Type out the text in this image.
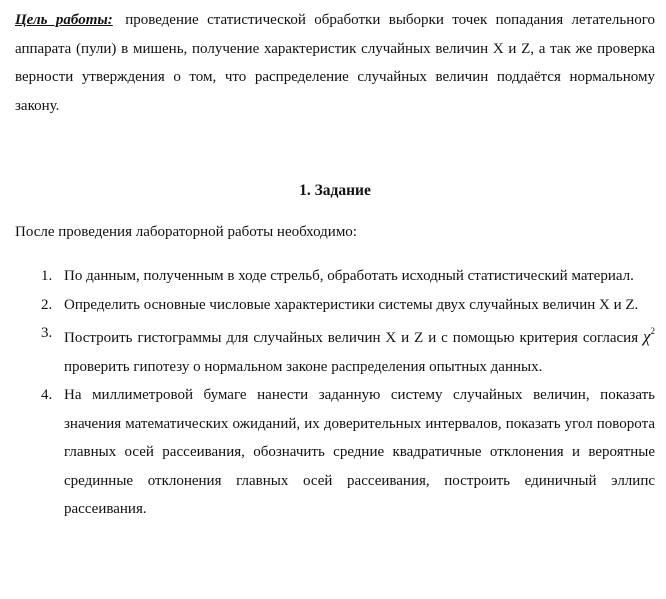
Цель работы: проведение статистической обработки выборки точек попадания летательного аппарата (пули) в мишень, получение характеристик случайных величин X и Z, а так же проверка верности утверждения о том, что распределение случайных величин поддаётся нормальному закону.

1. Задание

После проведения лабораторной работы необходимо:

1. По данным, полученным в ходе стрельб, обработать исходный статистический материал.
2. Определить основные числовые характеристики системы двух случайных величин X и Z.
3. Построить гистограммы для случайных величин X и Z и с помощью критерия согласия $\chi^2$ проверить гипотезу о нормальном законе распределения опытных данных.
4. На миллиметровой бумаге нанести заданную систему случайных величин, показать значения математических ожиданий, их доверительных интервалов, показать угол поворота главных осей рассеивания, обозначить средние квадратичные отклонения и вероятные срединные отклонения главных осей рассеивания, построить единичный эллипс рассеивания.
